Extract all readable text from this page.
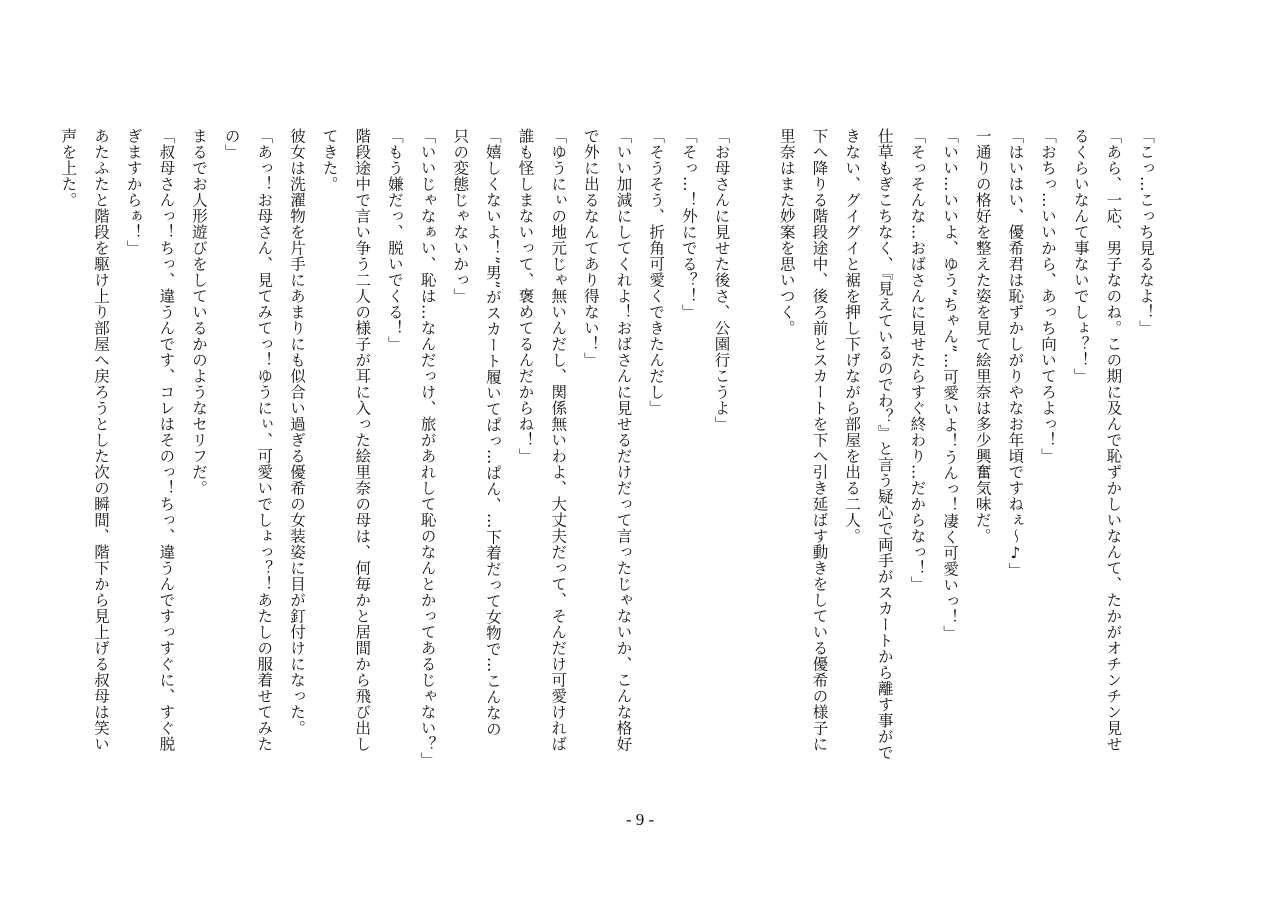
「こっ…こっち見るなよ！」
「あら、一応、男子なのね。この期に及んで恥ずかしいなんて、たかがオチンチン見せ
るくらいなんて事ないでしょ？！」
「おちっ…いいから、あっち向いてろよっ！」
「はいはい、優希君は恥ずかしがりやなお年頃ですねぇ〜♪」
一通りの格好を整えた姿を見て絵里奈は多少興奮気味だ。
「いい…いいよ、ゆう”ちゃん”…可愛いよ！うんっ！凄く可愛いっ！」
「そっそんな…おばさんに見せたらすぐ終わり…だからなっ！」
仕草もぎこちなく、『見えているのでわ？』と言う疑心で両手がスカートから離す事がで
きない、グイグイと裾を押し下げながら部屋を出る二人。
下へ降りる階段途中、後ろ前とスカートを下へ引き延ばす動きをしている優希の様子に
里奈はまた妙案を思いつく。
「お母さんに見せた後さ、公園行こうよ」
「そっ…！外にでる？！」
「そうそう、折角可愛くできたんだし」
「いい加減にしてくれよ！おばさんに見せるだけだって言ったじゃないか、こんな格好
で外に出るなんてあり得ない！」
「ゆうにぃの地元じゃ無いんだし、関係無いわよ、大丈夫だって、そんだけ可愛ければ
誰も怪しまないって、褒めてるんだからね！」
「嬉しくないよ！”男”がスカート履いてぱっ…ぱん、…下着だって女物で…こんなの
只の変態じゃないかっ」
「いいじゃなぁい、恥は…なんだっけ、旅があれして恥のなんとかってあるじゃない？」
「もう嫌だっ、脱いでくる！」
階段途中で言い争う二人の様子が耳に入った絵里奈の母は、何毎かと居間から飛び出し
てきた。
彼女は洗濯物を片手にあまりにも似合い過ぎる優希の女装姿に目が釘付けになった。
「あっ！お母さん、見てみてっ！ゆうにぃ、可愛いでしょっ？！あたしの服着せてみた
の」
まるでお人形遊びをしているかのようなセリフだ。
「叔母さんっ！ちっ、違うんです、コレはそのっ！ちっ、違うんですっすぐに、すぐ脱
ぎますからぁ！」
あたふたと階段を駆け上り部屋へ戻ろうとした次の瞬間、階下から見上げる叔母は笑い
声を上た。
- 9 -
